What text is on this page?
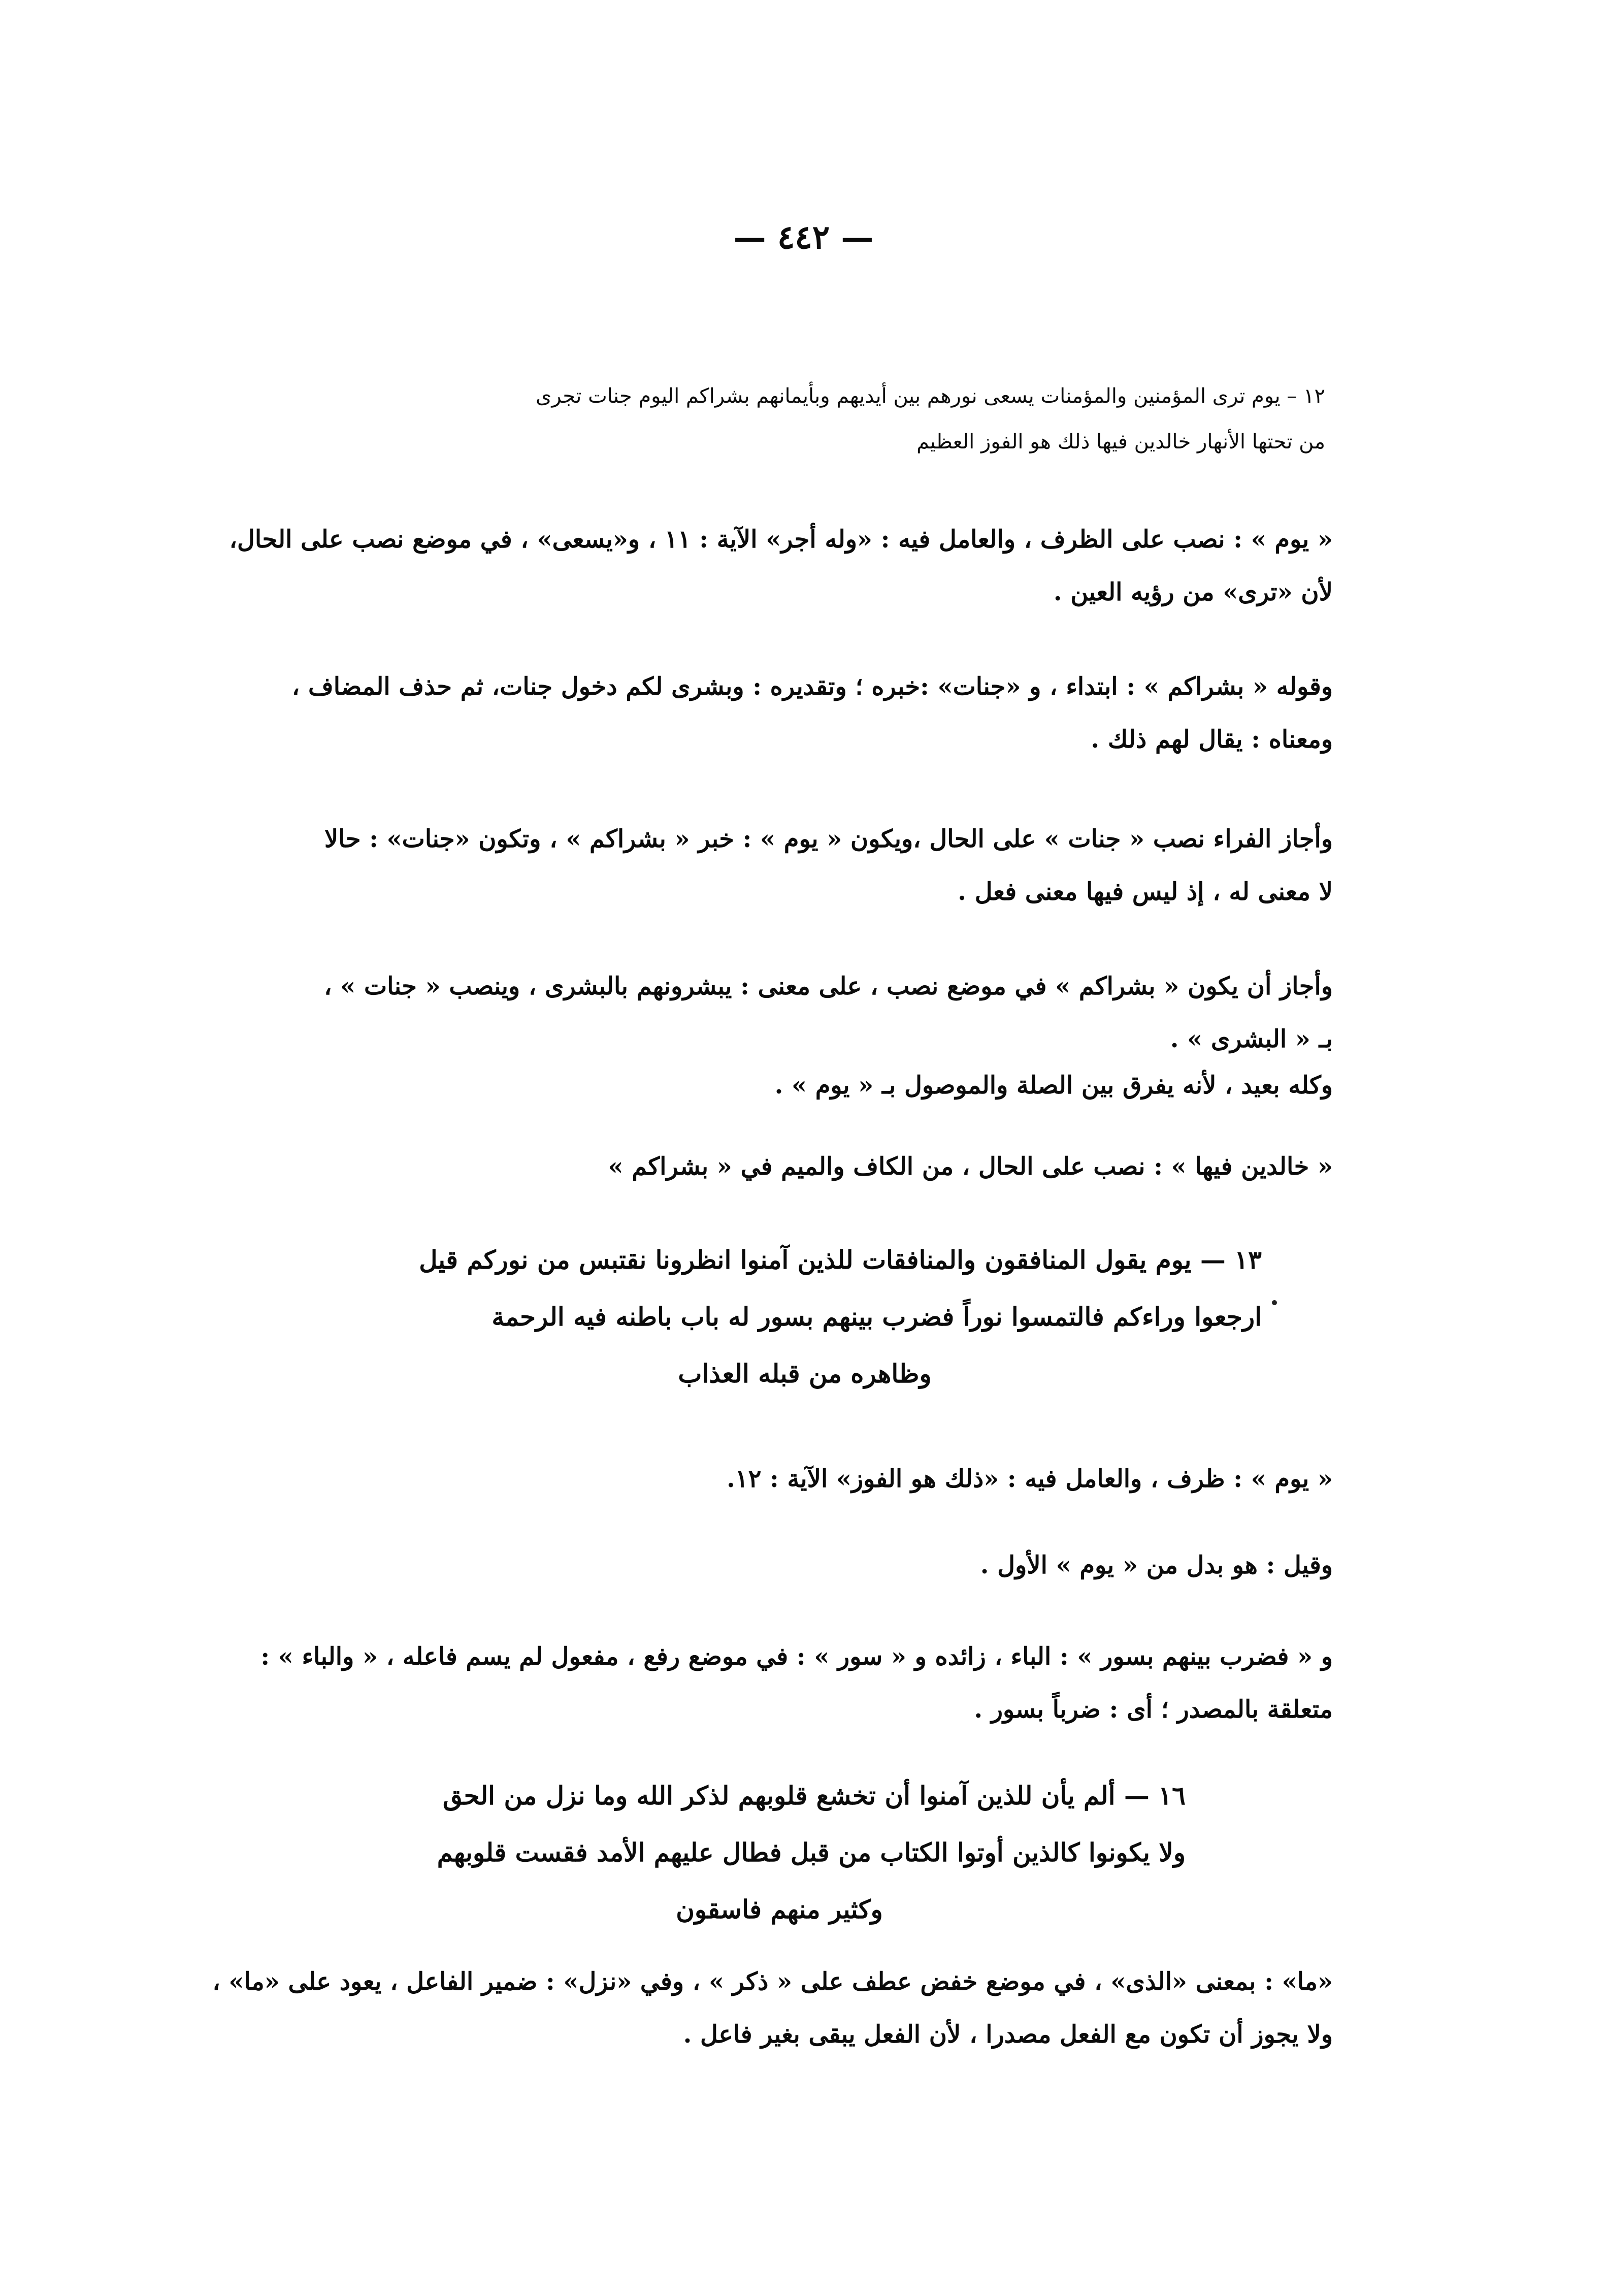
— ٤٤٢ —
١٢ – يوم ترى المؤمنين والمؤمنات يسعى نورهم بين أيديهم وبأيمانهم بشراكم اليوم جنات تجرى
من تحتها الأنهار خالدين فيها ذلك هو الفوز العظيم
« يوم » : نصب على الظرف ، والعامل فيه : «وله أجر» الآية : ١١ ، و«يسعى» ، في موضع نصب على الحال،
لأن «ترى» من رؤيه العين .
وقوله « بشراكم » : ابتداء ، و «جنات» :خبره ؛ وتقديره : وبشرى لكم دخول جنات، ثم حذف المضاف ،
ومعناه : يقال لهم ذلك .
وأجاز الفراء نصب « جنات » على الحال ،ويكون « يوم » : خبر « بشراكم » ، وتكون «جنات» : حالا
لا معنى له ، إذ ليس فيها معنى فعل .
وأجاز أن يكون « بشراكم » في موضع نصب ، على معنى : يبشرونهم بالبشرى ، وينصب « جنات » ،
بـ « البشرى » .
وكله بعيد ، لأنه يفرق بين الصلة والموصول بـ « يوم » .
« خالدين فيها » : نصب على الحال ، من الكاف والميم في « بشراكم »
١٣ — يوم يقول المنافقون والمنافقات للذين آمنوا انظرونا نقتبس من نوركم قيل
ارجعوا وراءكم فالتمسوا نوراً فضرب بينهم بسور له باب باطنه فيه الرحمة
وظاهره من قبله العذاب
« يوم » : ظرف ، والعامل فيه : «ذلك هو الفوز» الآية : ١٢.
وقيل : هو بدل من « يوم » الأول .
و « فضرب بينهم بسور » : الباء ، زائده و « سور » : في موضع رفع ، مفعول لم يسم فاعله ، « والباء » :
متعلقة بالمصدر ؛ أى : ضرباً بسور .
١٦ — ألم يأن للذين آمنوا أن تخشع قلوبهم لذكر الله وما نزل من الحق
ولا يكونوا كالذين أوتوا الكتاب من قبل فطال عليهم الأمد فقست قلوبهم
وكثير منهم فاسقون
«ما» : بمعنى «الذى» ، في موضع خفض عطف على « ذكر » ، وفي «نزل» : ضمير الفاعل ، يعود على «ما» ،
ولا يجوز أن تكون مع الفعل مصدرا ، لأن الفعل يبقى بغير فاعل .
